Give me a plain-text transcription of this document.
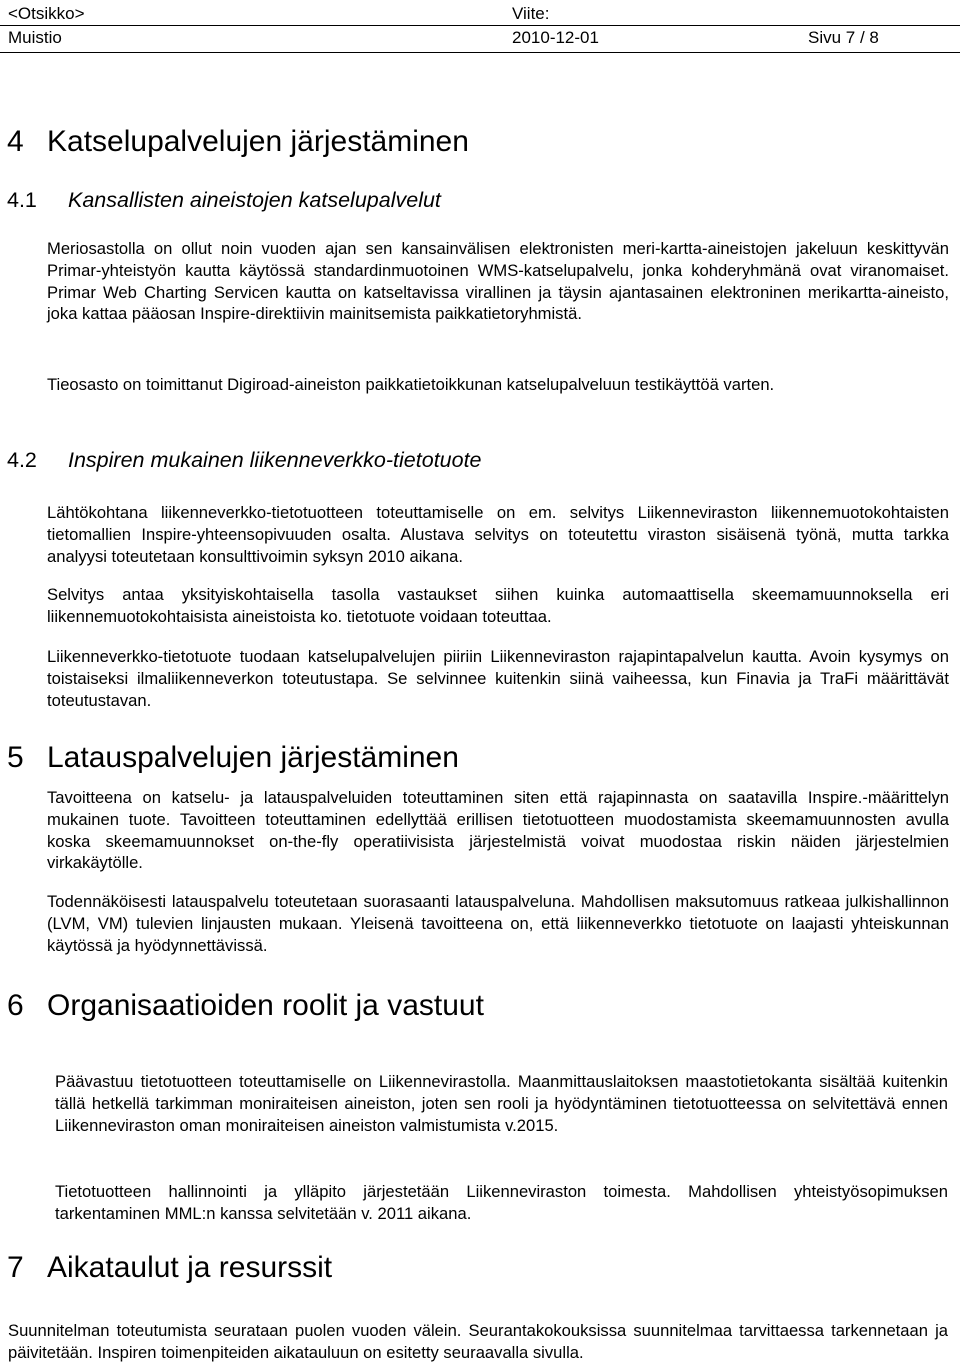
<Otsikko>	Viite:
Muistio	2010-12-01	Sivu 7 / 8
4 Katselupalvelujen järjestäminen
4.1 Kansallisten aineistojen katselupalvelut

Meriosastolla on ollut noin vuoden ajan sen kansainvälisen elektronisten meri-kartta-aineistojen jakeluun keskittyvän Primar-yhteistyön kautta käytössä standardinmuotoinen WMS-katselupalvelu, jonka kohderyhmänä ovat viranomaiset. Primar Web Charting Servicen kautta on katseltavissa virallinen ja täysin ajantasainen elektroninen merikartta-aineisto, joka kattaa pääosan Inspire-direktiivin mainitsemista paikkatietoryhmistä.

Tieosasto on toimittanut Digiroad-aineiston paikkatietoikkunan katselupalveluun testikäyttöä varten.

4.2 Inspiren mukainen liikenneverkko-tietotuote

Lähtökohtana liikenneverkko-tietotuotteen toteuttamiselle on em. selvitys Liikenneviraston liikennemuotokohtaisten tietomallien Inspire-yhteensopivuuden osalta. Alustava selvitys on toteutettu viraston sisäisenä työnä, mutta tarkka analyysi toteutetaan konsulttivoimin syksyn 2010 aikana.

Selvitys antaa yksityiskohtaisella tasolla vastaukset siihen kuinka automaattisella skeemamuunnoksella eri liikennemuotokohtaisista aineistoista ko. tietotuote voidaan toteuttaa.

Liikenneverkko-tietotuote tuodaan katselupalvelujen piiriin Liikenneviraston rajapintapalvelun kautta. Avoin kysymys on toistaiseksi ilmaliikenneverkon toteutustapa. Se selvinnee kuitenkin siinä vaiheessa, kun Finavia ja TraFi määrittävät toteutustavan.

5 Latauspalvelujen järjestäminen

Tavoitteena on katselu- ja latauspalveluiden toteuttaminen siten että rajapinnasta on saatavilla Inspire.-määrittelyn mukainen tuote. Tavoitteen toteuttaminen edellyttää erillisen tietotuotteen muodostamista skeemamuunnosten avulla koska skeemamuunnokset on-the-fly operatiivisista järjestelmistä voivat muodostaa riskin näiden järjestelmien virkakäytölle.

Todennäköisesti latauspalvelu toteutetaan suorasaanti latauspalveluna. Mahdollisen maksutomuus ratkeaa julkishallinnon (LVM, VM) tulevien linjausten mukaan. Yleisenä tavoitteena on, että liikenneverkko tietotuote on laajasti yhteiskunnan käytössä ja hyödynnettävissä.

6 Organisaatioiden roolit ja vastuut

Päävastuu tietotuotteen toteuttamiselle on Liikennevirastolla. Maanmittauslaitoksen maastotietokanta sisältää kuitenkin tällä hetkellä tarkimman moniraiteisen aineiston, joten sen rooli ja hyödyntäminen tietotuotteessa on selvitettävä ennen Liikenneviraston oman moniraiteisen aineiston valmistumista v.2015.

Tietotuotteen hallinnointi ja ylläpito järjestetään Liikenneviraston toimesta. Mahdollisen yhteistyösopimuksen tarkentaminen MML:n kanssa selvitetään v. 2011 aikana.

7 Aikataulut ja resurssit

Suunnitelman toteutumista seurataan puolen vuoden välein. Seurantakokouksissa suunnitelmaa tarvittaessa tarkennetaan ja päivitetään. Inspiren toimenpiteiden aikatauluun on esitetty seuraavalla sivulla.
